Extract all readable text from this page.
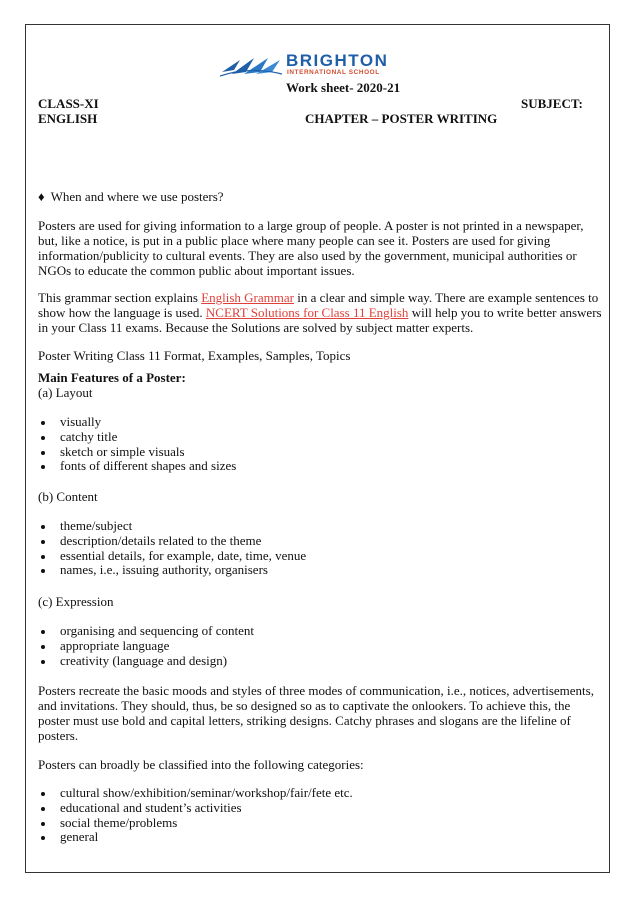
BRIGHTON
INTERNATIONAL SCHOOL
Work sheet- 2020-21
CLASS-XI	SUBJECT:
ENGLISH	CHAPTER – POSTER WRITING
♦ When and where we use posters?

Posters are used for giving information to a large group of people. A poster is not printed in a newspaper, but, like a notice, is put in a public place where many people can see it. Posters are used for giving information/publicity to cultural events. They are also used by the government, municipal authorities or NGOs to educate the common public about important issues.

This grammar section explains English Grammar in a clear and simple way. There are example sentences to show how the language is used. NCERT Solutions for Class 11 English will help you to write better answers in your Class 11 exams. Because the Solutions are solved by subject matter experts.

Poster Writing Class 11 Format, Examples, Samples, Topics
Main Features of a Poster:
(a) Layout
visually
catchy title
sketch or simple visuals
fonts of different shapes and sizes
(b) Content
theme/subject
description/details related to the theme
essential details, for example, date, time, venue
names, i.e., issuing authority, organisers
(c) Expression
organising and sequencing of content
appropriate language
creativity (language and design)

Posters recreate the basic moods and styles of three modes of communication, i.e., notices, advertisements, and invitations. They should, thus, be so designed so as to captivate the onlookers. To achieve this, the poster must use bold and capital letters, striking designs. Catchy phrases and slogans are the lifeline of posters.

Posters can broadly be classified into the following categories:
cultural show/exhibition/seminar/workshop/fair/fete etc.
educational and student’s activities
social theme/problems
general
